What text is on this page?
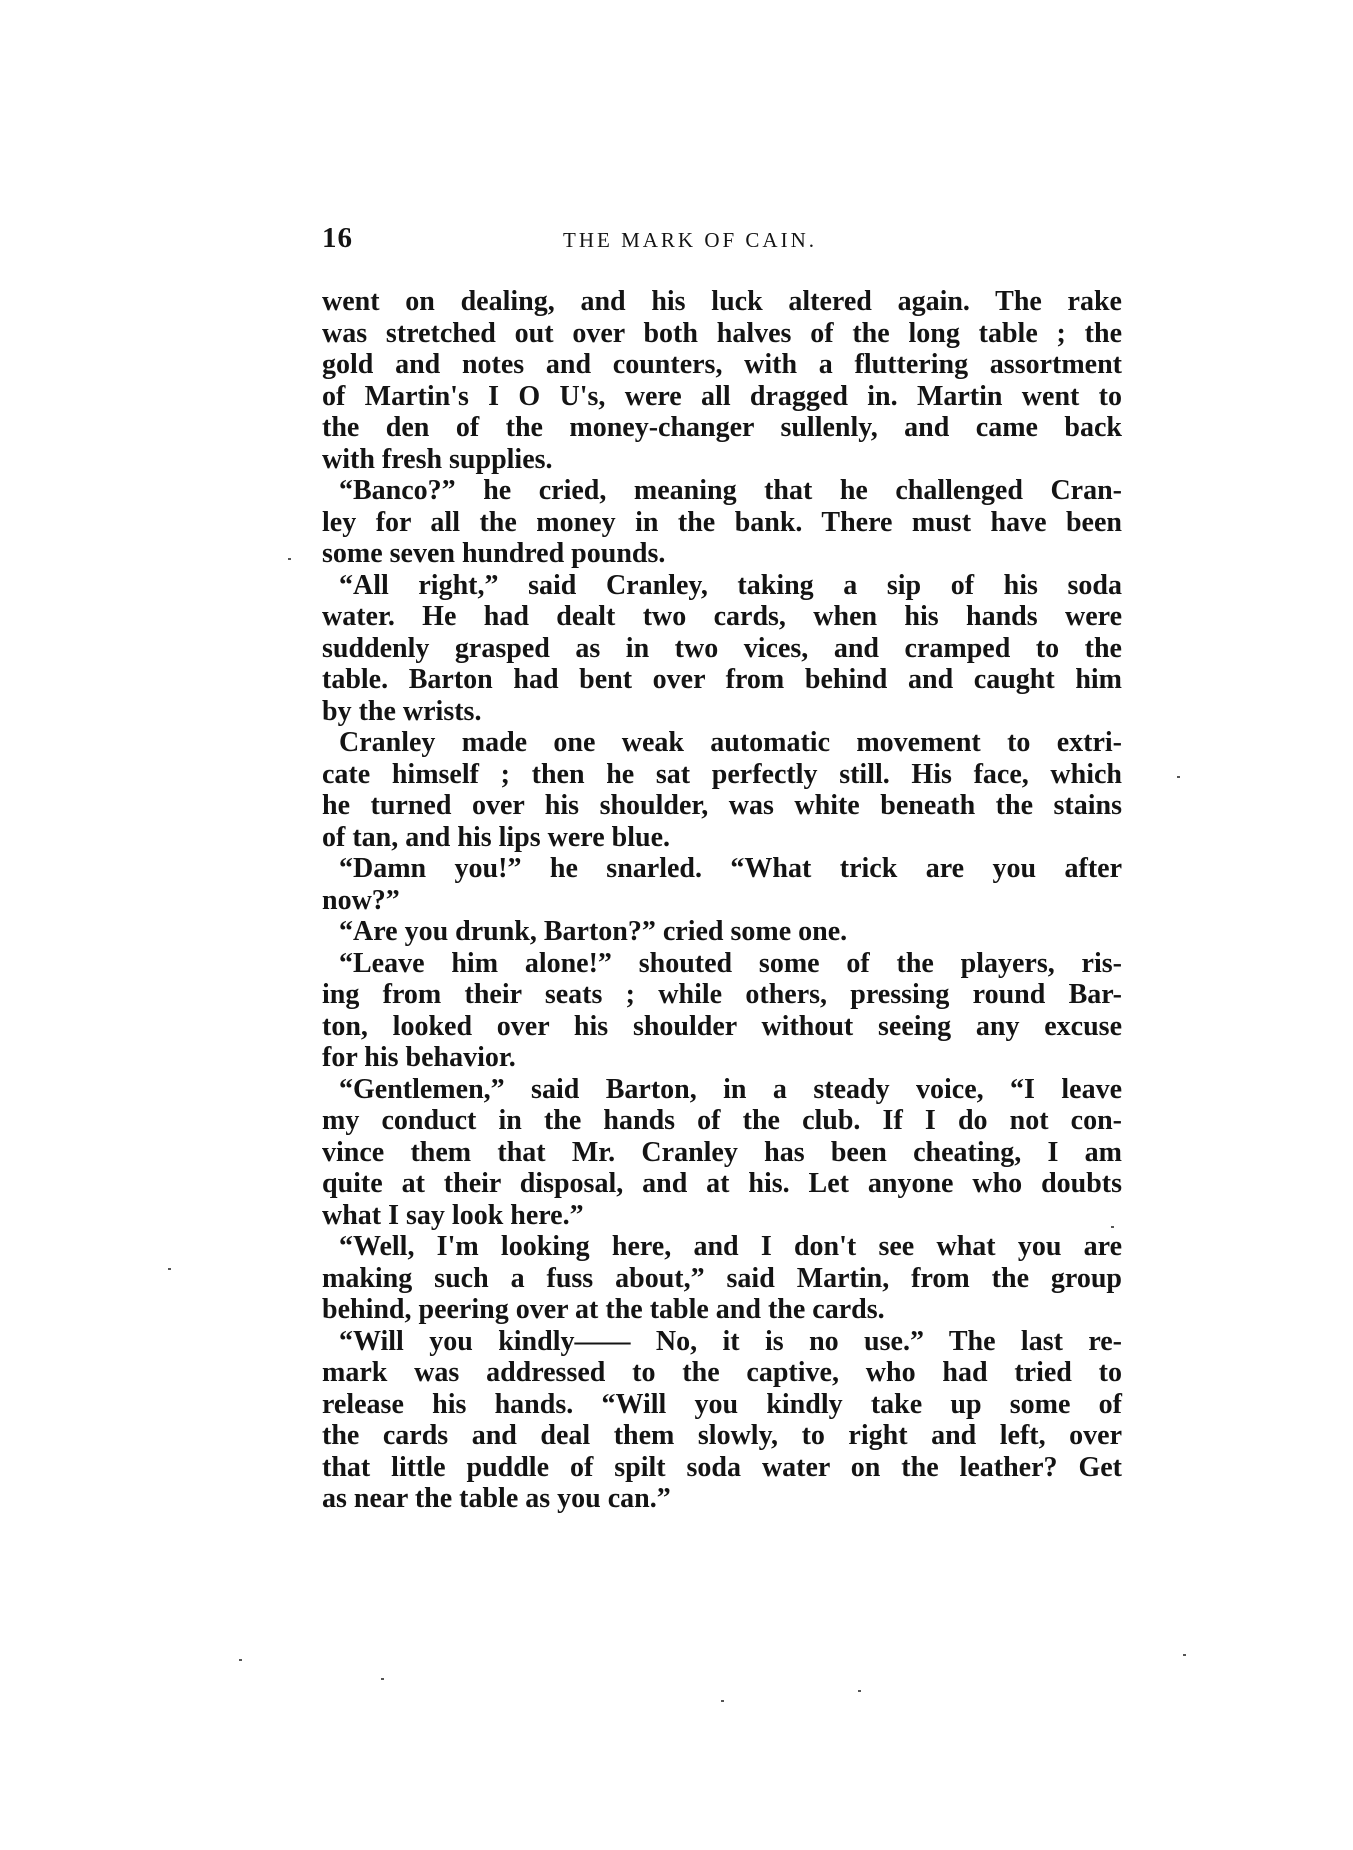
16	THE MARK OF CAIN.
went on dealing, and his luck altered again. The rake
was stretched out over both halves of the long table ; the
gold and notes and counters, with a fluttering assortment
of Martin's I O U's, were all dragged in. Martin went to
the den of the money-changer sullenly, and came back
with fresh supplies.
“Banco?” he cried, meaning that he challenged Cran-
ley for all the money in the bank. There must have been
some seven hundred pounds.
“All right,” said Cranley, taking a sip of his soda
water. He had dealt two cards, when his hands were
suddenly grasped as in two vices, and cramped to the
table. Barton had bent over from behind and caught him
by the wrists.
Cranley made one weak automatic movement to extri-
cate himself ; then he sat perfectly still. His face, which
he turned over his shoulder, was white beneath the stains
of tan, and his lips were blue.
“Damn you!” he snarled. “What trick are you after
now?”
“Are you drunk, Barton?” cried some one.
“Leave him alone!” shouted some of the players, ris-
ing from their seats ; while others, pressing round Bar-
ton, looked over his shoulder without seeing any excuse
for his behavior.
“Gentlemen,” said Barton, in a steady voice, “I leave
my conduct in the hands of the club. If I do not con-
vince them that Mr. Cranley has been cheating, I am
quite at their disposal, and at his. Let anyone who doubts
what I say look here.”
“Well, I'm looking here, and I don't see what you are
making such a fuss about,” said Martin, from the group
behind, peering over at the table and the cards.
“Will you kindly—— No, it is no use.” The last re-
mark was addressed to the captive, who had tried to
release his hands. “Will you kindly take up some of
the cards and deal them slowly, to right and left, over
that little puddle of spilt soda water on the leather? Get
as near the table as you can.”
